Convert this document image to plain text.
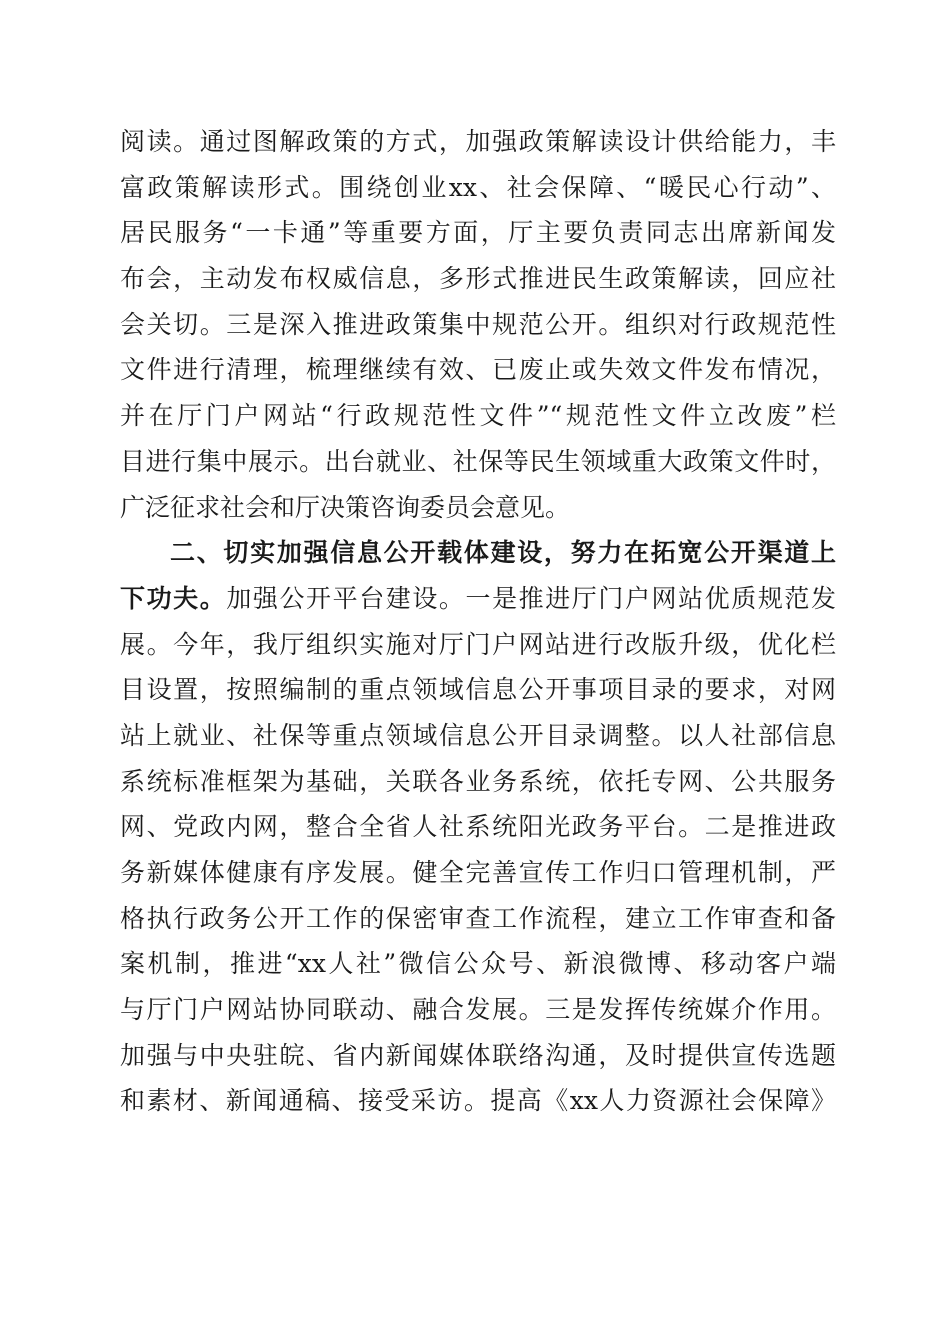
阅读。通过图解政策的方式，加强政策解读设计供给能力，丰
富政策解读形式。围绕创业xx、社会保障、“暖民心行动”、
居民服务“一卡通”等重要方面，厅主要负责同志出席新闻发
布会，主动发布权威信息，多形式推进民生政策解读，回应社
会关切。三是深入推进政策集中规范公开。组织对行政规范性
文件进行清理，梳理继续有效、已废止或失效文件发布情况，
并在厅门户网站“行政规范性文件”“规范性文件立改废”栏
目进行集中展示。出台就业、社保等民生领域重大政策文件时，
广泛征求社会和厅决策咨询委员会意见。
二、切实加强信息公开载体建设，努力在拓宽公开渠道上
下功夫。加强公开平台建设。一是推进厅门户网站优质规范发
展。今年，我厅组织实施对厅门户网站进行改版升级，优化栏
目设置，按照编制的重点领域信息公开事项目录的要求，对网
站上就业、社保等重点领域信息公开目录调整。以人社部信息
系统标准框架为基础，关联各业务系统，依托专网、公共服务
网、党政内网，整合全省人社系统阳光政务平台。二是推进政
务新媒体健康有序发展。健全完善宣传工作归口管理机制，严
格执行政务公开工作的保密审查工作流程，建立工作审查和备
案机制，推进“xx人社”微信公众号、新浪微博、移动客户端
与厅门户网站协同联动、融合发展。三是发挥传统媒介作用。
加强与中央驻皖、省内新闻媒体联络沟通，及时提供宣传选题
和素材、新闻通稿、接受采访。提高《xx人力资源社会保障》
